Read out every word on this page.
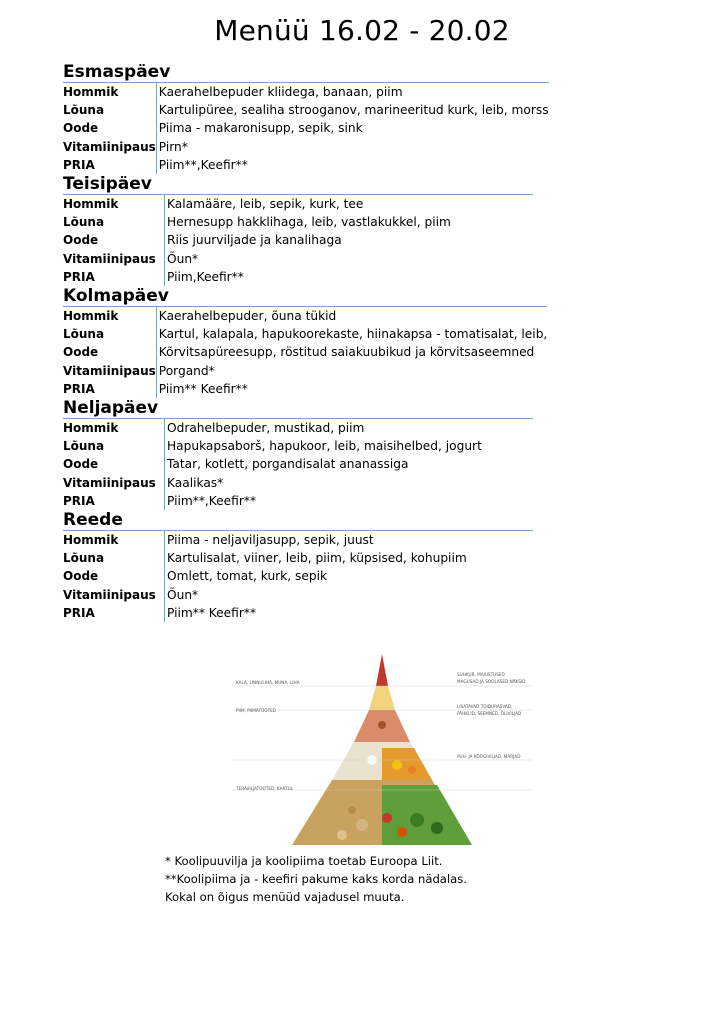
Menüü 16.02 - 20.02
Esmaspäev
Hommik	Kaerahelbepuder kliidega, banaan, piim
Lõuna	Kartulipüree, sealiha strooganov, marineeritud kurk, leib, morss
Oode	Piima - makaronisupp, sepik, sink
Vitamiinipaus	Pirn*
PRIA	Piim**,Keefir**
Teisipäev
Hommik	Kalamääre, leib, sepik, kurk, tee
Lõuna	Hernesupp hakklihaga, leib, vastlakukkel, piim
Oode	Riis juurviljade ja kanalihaga
Vitamiinipaus	Õun*
PRIA	Piim,Keefir**
Kolmapäev
Hommik	Kaerahelbepuder, õuna tükid
Lõuna	Kartul, kalapala, hapukoorekaste, hiinakapsa - tomatisalat, leib,
Oode	Kõrvitsapüreesupp, röstitud saiakuubikud ja kõrvitsaseemned
Vitamiinipaus	Porgand*
PRIA	Piim** Keefir**
Neljapäev
Hommik	Odrahelbepuder, mustikad, piim
Lõuna	Hapukapsaborš, hapukoor, leib, maisihelbed, jogurt
Oode	Tatar, kotlett, porgandisalat ananassiga
Vitamiinipaus	Kaalikas*
PRIA	Piim**,Keefir**
Reede
Hommik	Piima - neljaviljasupp, sepik, juust
Lõuna	Kartulisalat, viiner, leib, piim, küpsised, kohupiim
Oode	Omlett, tomat, kurk, sepik
Vitamiinipaus	Õun*
PRIA	Piim** Keefir**
KALA, LINNULIHA, MUNA, LIHA
PIIM, PIIMATOOTED
TERAVILJATOOTED, KARTUL
SUHKUR, MAIUSTUSED
MAGUSAD JA SOOLASED NÄKSID
LISATAVAD TOIDURASVAD,
PÄHKLID, SEEMNED, ÕLIVILJAD
PUU- JA KÖÖGIVILJAD, MARJAD
* Koolipuuvilja ja koolipiima toetab Euroopa Liit.
**Koolipiima ja - keefiri pakume kaks korda nädalas.
Kokal on õigus menüüd vajadusel muuta.
